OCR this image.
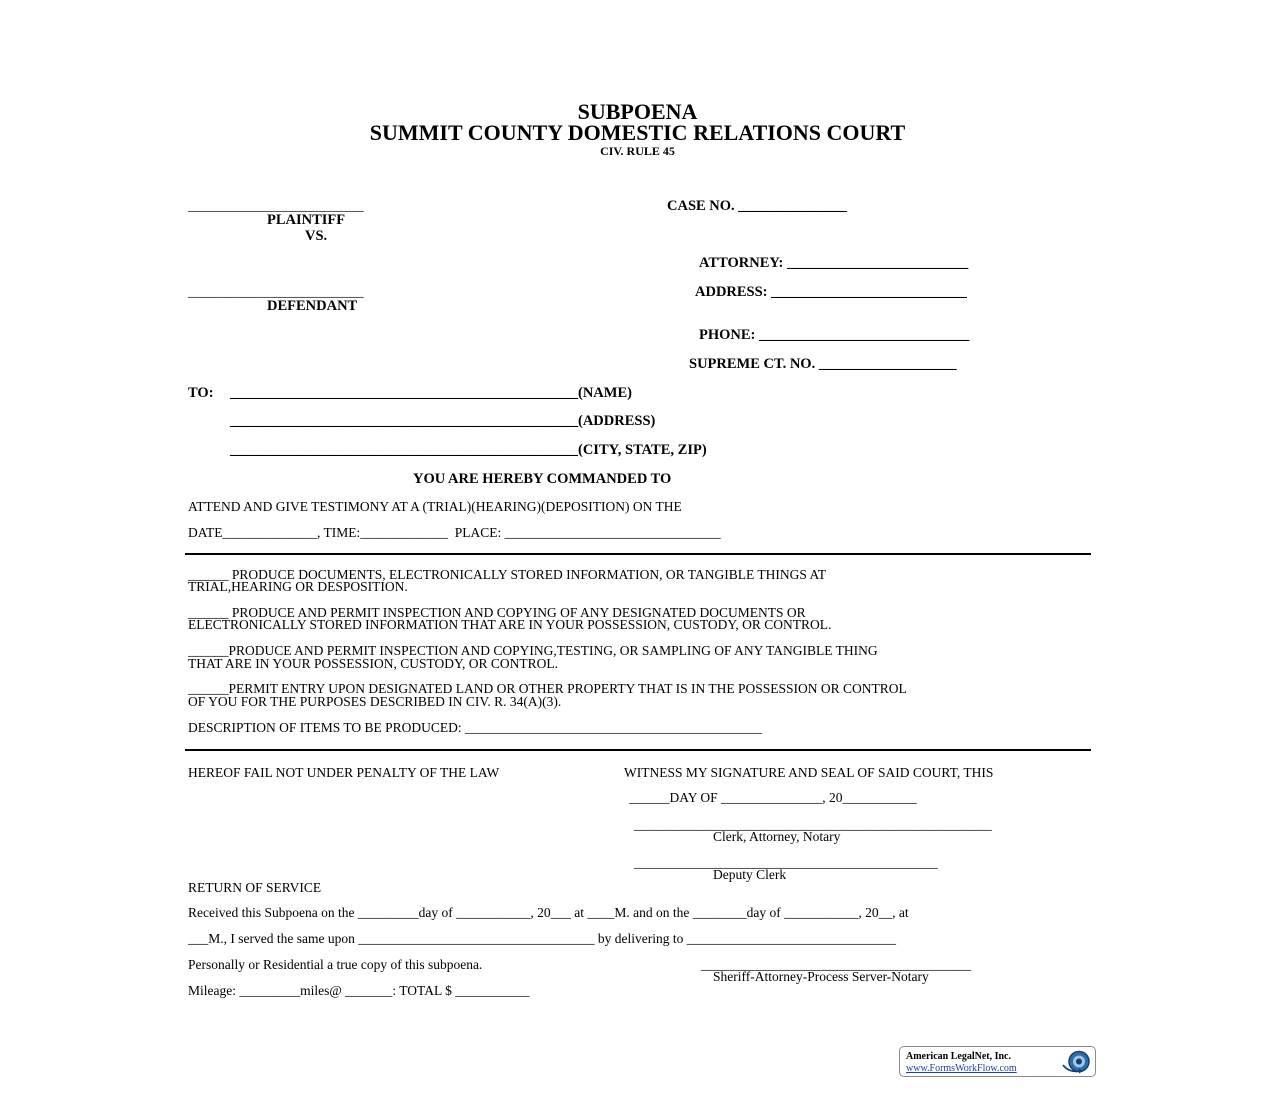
SUBPOENA
SUMMIT COUNTY DOMESTIC RELATIONS COURT
CIV. RULE 45
__________________________
PLAINTIFF
VS.
__________________________
DEFENDANT
CASE NO. _______________
ATTORNEY: _________________________
ADDRESS: ___________________________
PHONE: _____________________________
SUPREME CT. NO. ___________________
TO: ________________________________________________(NAME)
________________________________________________(ADDRESS)
________________________________________________(CITY, STATE, ZIP)
YOU ARE HEREBY COMMANDED TO
ATTEND AND GIVE TESTIMONY AT A (TRIAL)(HEARING)(DEPOSITION) ON THE
DATE______________, TIME:_____________  PLACE: ________________________________
______ PRODUCE DOCUMENTS, ELECTRONICALLY STORED INFORMATION, OR TANGIBLE THINGS AT
TRIAL,HEARING OR DESPOSITION.
______ PRODUCE AND PERMIT INSPECTION AND COPYING OF ANY DESIGNATED DOCUMENTS OR
ELECTRONICALLY STORED INFORMATION THAT ARE IN YOUR POSSESSION, CUSTODY, OR CONTROL.
______PRODUCE AND PERMIT INSPECTION AND COPYING,TESTING, OR SAMPLING OF ANY TANGIBLE THING
THAT ARE IN YOUR POSSESSION, CUSTODY, OR CONTROL.
______PERMIT ENTRY UPON DESIGNATED LAND OR OTHER PROPERTY THAT IS IN THE POSSESSION OR CONTROL
OF YOU FOR THE PURPOSES DESCRIBED IN CIV. R. 34(A)(3).
DESCRIPTION OF ITEMS TO BE PRODUCED: ____________________________________________
HEREOF FAIL NOT UNDER PENALTY OF THE LAW	WITNESS MY SIGNATURE AND SEAL OF SAID COURT, THIS
______DAY OF _______________, 20___________
_____________________________________________________
Clerk, Attorney, Notary
_____________________________________________
Deputy Clerk
RETURN OF SERVICE
Received this Subpoena on the _________day of ___________, 20___ at ____M. and on the ________day of ___________, 20__, at
___M., I served the same upon ___________________________________ by delivering to _______________________________
Personally or Residential a true copy of this subpoena.	________________________________________
Sheriff-Attorney-Process Server-Notary
Mileage: _________miles@ _______: TOTAL $ ___________
American LegalNet, Inc.
www.FormsWorkFlow.com
